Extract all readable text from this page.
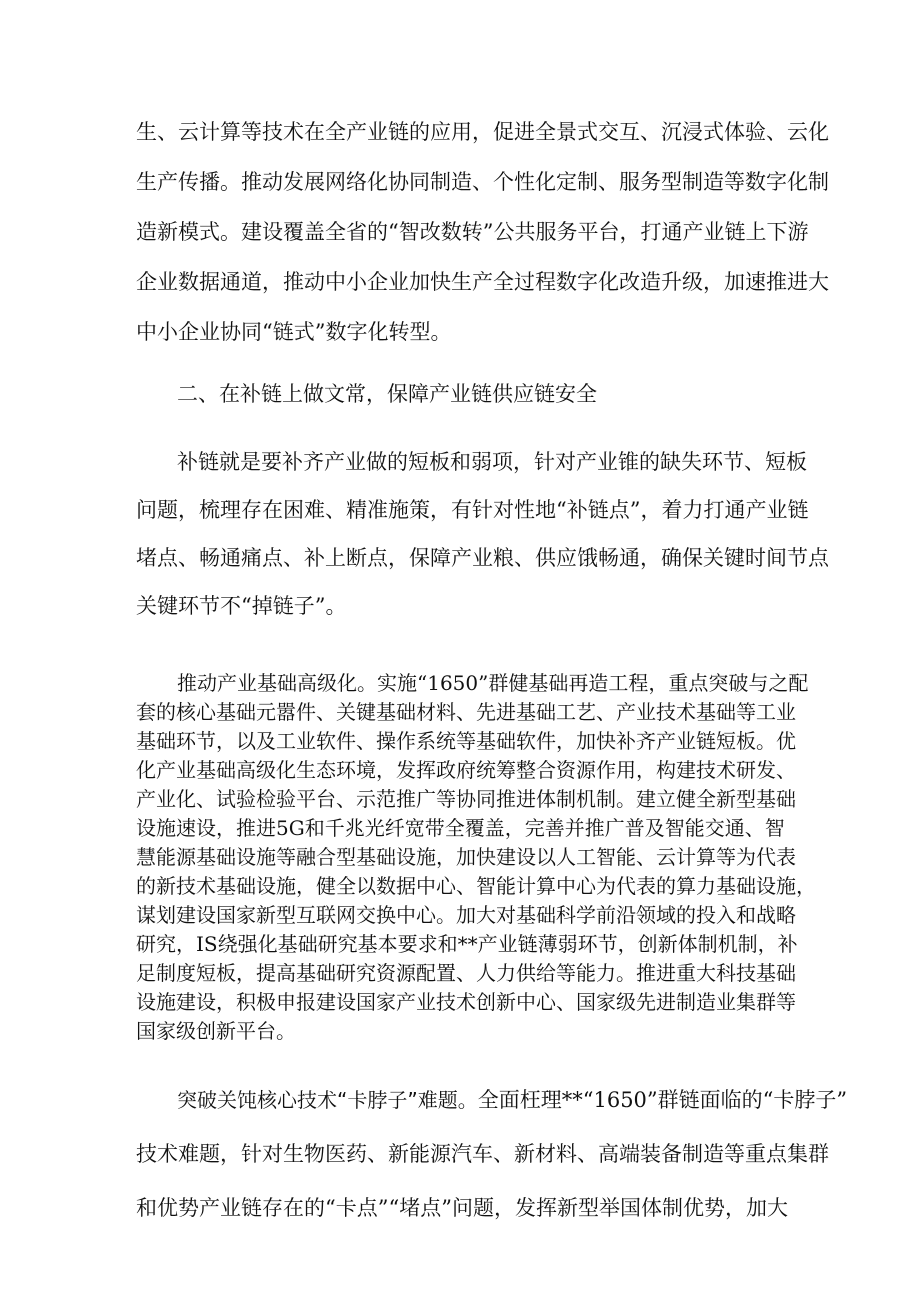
生、云计算等技术在全产业链的应用，促进全景式交互、沉浸式体验、云化
生产传播。推动发展网络化协同制造、个性化定制、服务型制造等数字化制
造新模式。建设覆盖全省的“智改数转”公共服务平台，打通产业链上下游
企业数据通道，推动中小企业加快生产全过程数字化改造升级，加速推进大
中小企业协同“链式”数字化转型。
二、在补链上做文常，保障产业链供应链安全
补链就是要补齐产业做的短板和弱项，针对产业锥的缺失环节、短板
问题，梳理存在困难、精准施策，有针对性地“补链点”，着力打通产业链
堵点、畅通痛点、补上断点，保障产业粮、供应饿畅通，确保关键时间节点
关键环节不“掉链子”。
推动产业基础高级化。实施“1650”群健基础再造工程，重点突破与之配
套的核心基础元嚣件、关键基础材料、先进基础工艺、产业技术基础等工业
基础环节，以及工业软件、操作系统等基础软件，加快补齐产业链短板。优
化产业基础高级化生态环境，发挥政府统筹整合资源作用，构建技术研发、
产业化、试验检验平台、示范推广等协同推进体制机制。建立健全新型基础
设施速设，推进5G和千兆光纤宽带全覆盖，完善并推广普及智能交通、智
慧能源基础设施等融合型基础设施，加快建设以人工智能、云计算等为代表
的新技术基础设施，健全以数据中心、智能计算中心为代表的算力基础设施，
谋划建设国家新型互联网交换中心。加大对基础科学前沿领域的投入和战略
研究，IS绕强化基础研究基本要求和**产业链薄弱环节，创新体制机制，补
足制度短板，提高基础研究资源配置、人力供给等能力。推进重大科技基础
设施建设，积极申报建设国家产业技术创新中心、国家级先进制造业集群等
国家级创新平台。
突破关饨核心技术“卡脖子”难题。全面枉理**“1650”群链面临的“卡脖子”
技术难题，针对生物医药、新能源汽车、新材料、高端装备制造等重点集群
和优势产业链存在的“卡点”“堵点”问题，发挥新型举国体制优势，加大
